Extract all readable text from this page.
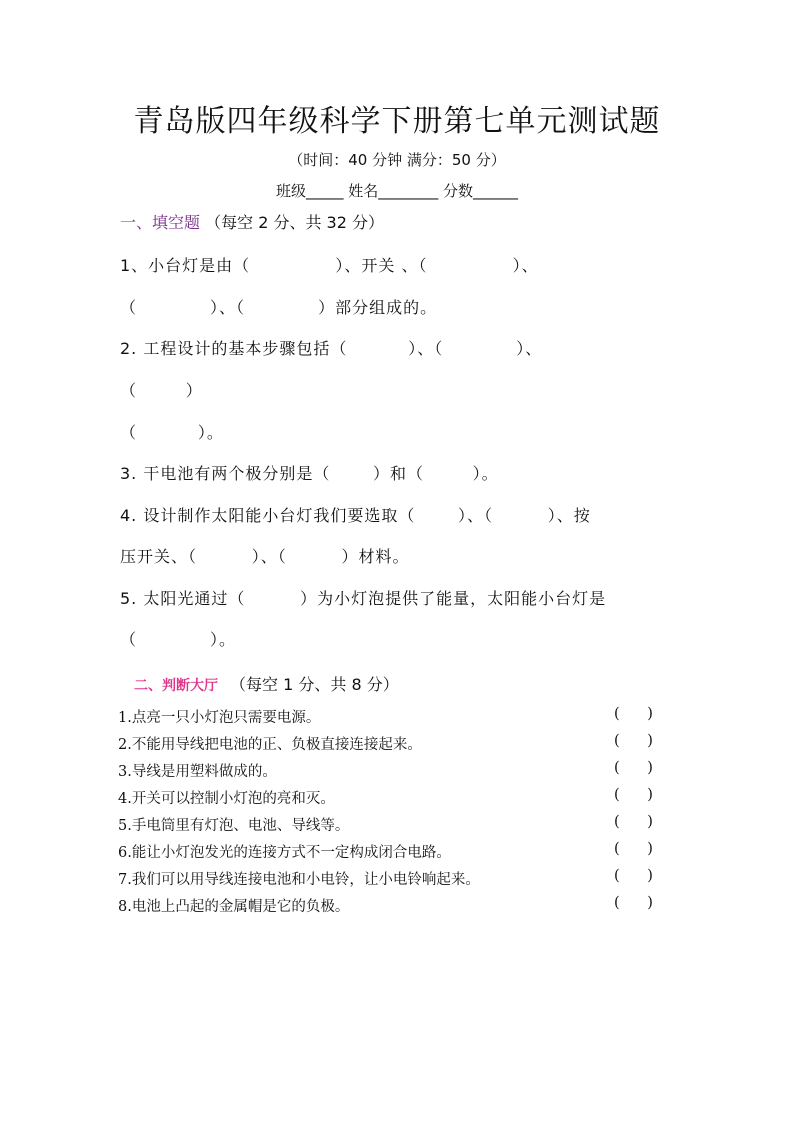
青岛版四年级科学下册第七单元测试题
（时间：40 分钟 满分：50 分）
班级_____ 姓名________ 分数______
一、填空题 （每空 2 分、共 32 分）
1、小台灯是由（              ）、开关 、（              ）、
（            ）、（            ）部分组成的。
2. 工程设计的基本步骤包括（          ）、（            ）、
（        ）
（          ）。
3. 干电池有两个极分别是（       ）和（        ）。
4. 设计制作太阳能小台灯我们要选取（       ）、（         ）、按
压开关、（         ）、（         ）材料。
5. 太阳光通过（         ）为小灯泡提供了能量，太阳能小台灯是
（            ）。
二、判断大厅 （每空 1 分、共 8 分）
1.点亮一只小灯泡只需要电源。	(      )
2.不能用导线把电池的正、负极直接连接起来。	(      )
3.导线是用塑料做成的。	(      )
4.开关可以控制小灯泡的亮和灭。	(      )
5.手电筒里有灯泡、电池、导线等。	(      )
6.能让小灯泡发光的连接方式不一定构成闭合电路。	(      )
7.我们可以用导线连接电池和小电铃，让小电铃响起来。	(      )
8.电池上凸起的金属帽是它的负极。	(      )
